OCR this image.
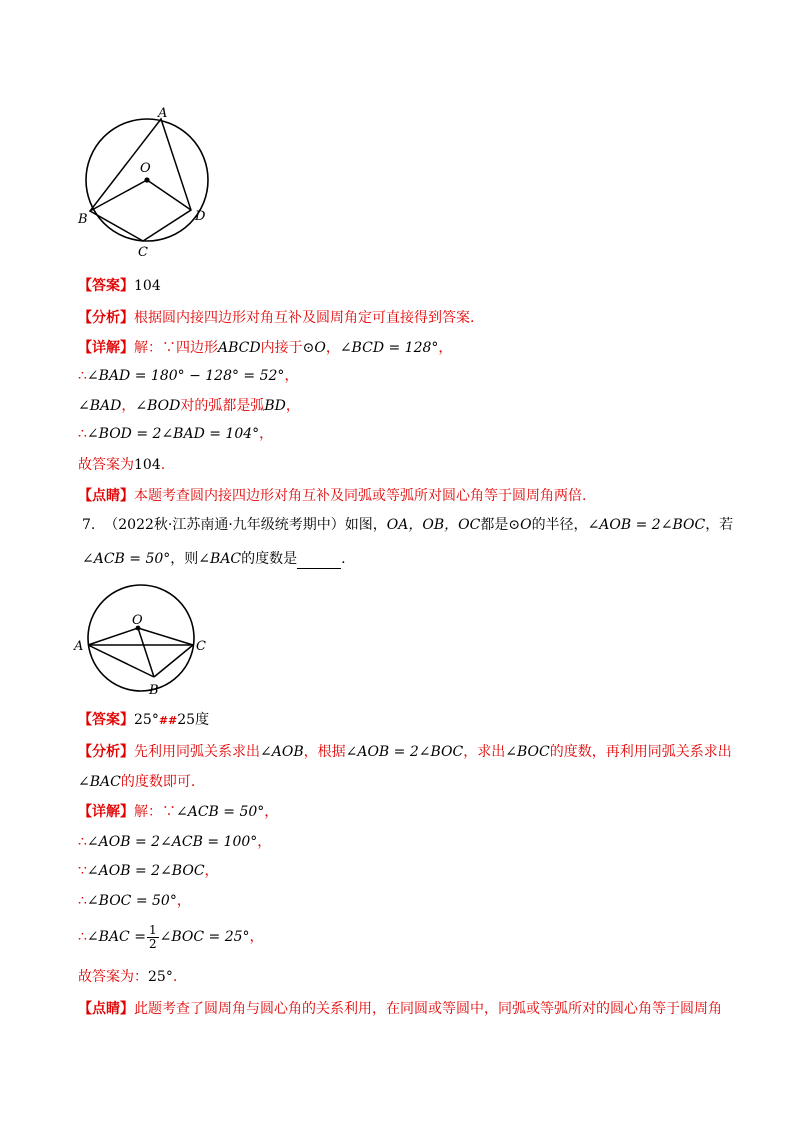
A
O
B
C
D
【答案】104
【分析】根据圆内接四边形对角互补及圆周角定可直接得到答案.
【详解】解：∵四边形ABCD内接于⊙O，∠BCD = 128°，
∴∠BAD = 180° − 128° = 52°，
∠BAD，∠BOD对的弧都是弧BD，
∴∠BOD = 2∠BAD = 104°，
故答案为104.
【点睛】本题考查圆内接四边形对角互补及同弧或等弧所对圆心角等于圆周角两倍.
7. （2022秋·江苏南通·九年级统考期中）如图，OA，OB，OC都是⊙O的半径，∠AOB = 2∠BOC，若
∠ACB = 50°，则∠BAC的度数是	.
O
A	C
B
【答案】25°##25度
【分析】先利用同弧关系求出∠AOB，根据∠AOB = 2∠BOC，求出∠BOC的度数，再利用同弧关系求出
∠BAC的度数即可.
【详解】解：∵∠ACB = 50°，
∴∠AOB = 2∠ACB = 100°，
∵∠AOB = 2∠BOC，
∴∠BOC = 50°，
∴∠BAC = $\frac{1}{2}$ ∠BOC = 25°，
故答案为：25°.
【点睛】此题考查了圆周角与圆心角的关系利用，在同圆或等圆中，同弧或等弧所对的圆心角等于圆周角
